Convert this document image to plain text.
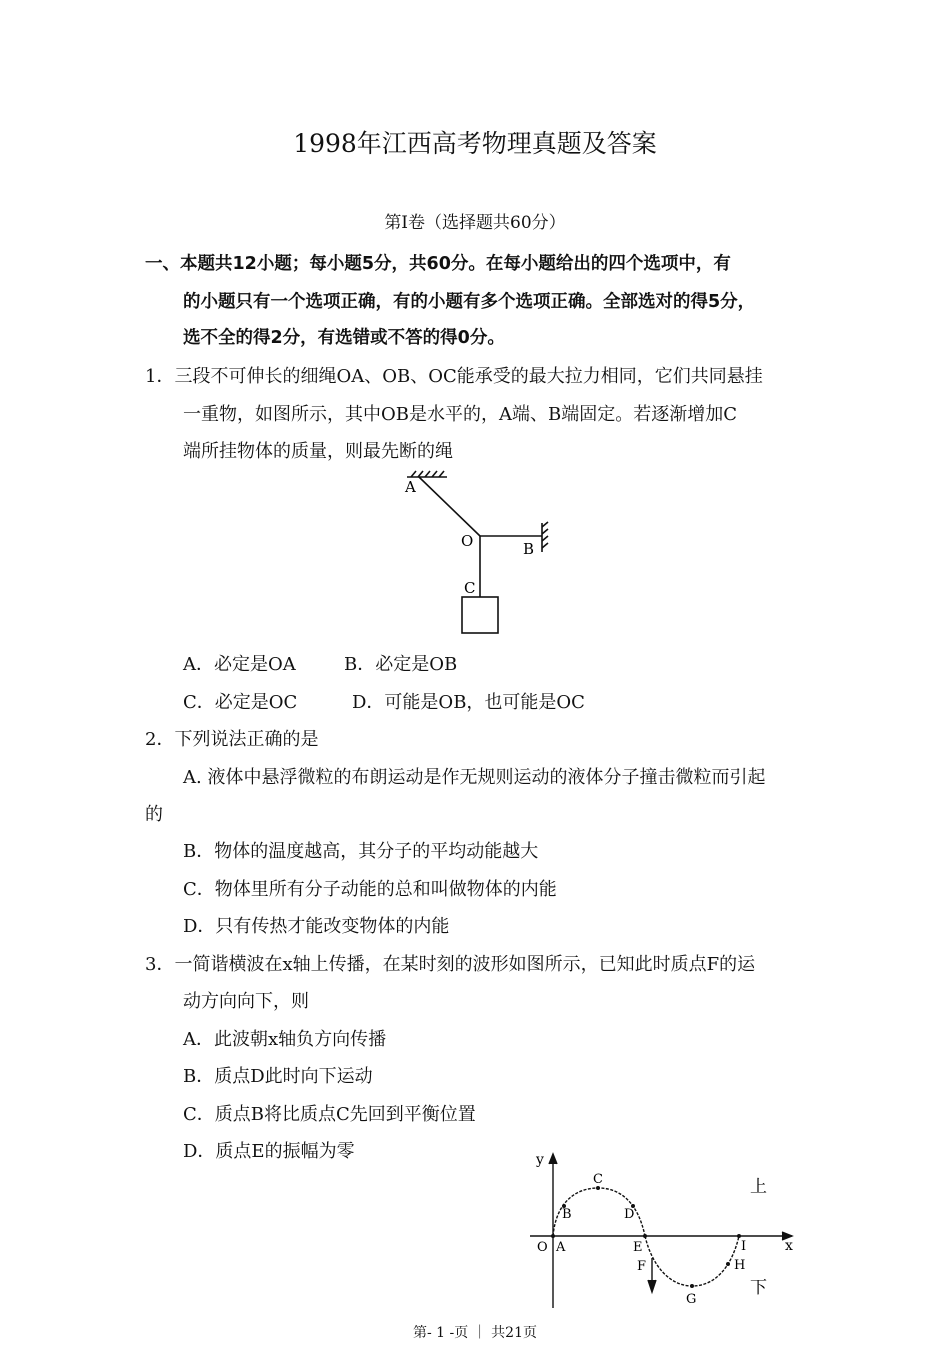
1998年江西高考物理真题及答案
第Ⅰ卷（选择题共60分）
一、本题共12小题；每小题5分，共60分。在每小题给出的四个选项中，有
的小题只有一个选项正确，有的小题有多个选项正确。全部选对的得5分，
选不全的得2分，有选错或不答的得0分。
1．三段不可伸长的细绳OA、OB、OC能承受的最大拉力相同，它们共同悬挂
一重物，如图所示，其中OB是水平的，A端、B端固定。若逐渐增加C
端所挂物体的质量，则最先断的绳
A
O	B
C
A．必定是OA	B．必定是OB
C．必定是OC	D．可能是OB，也可能是OC
2．下列说法正确的是
A. 液体中悬浮微粒的布朗运动是作无规则运动的液体分子撞击微粒而引起
的
B．物体的温度越高，其分子的平均动能越大
C．物体里所有分子动能的总和叫做物体的内能
D．只有传热才能改变物体的内能
3．一简谐横波在x轴上传播，在某时刻的波形如图所示，已知此时质点F的运
动方向向下，则
A．此波朝x轴负方向传播
B．质点D此时向下运动
C．质点B将比质点C先回到平衡位置
D．质点E的振幅为零	y
x
O A
B
C
D
E
F
G
H
I
上
下
第- 1 -页 ｜ 共21页
